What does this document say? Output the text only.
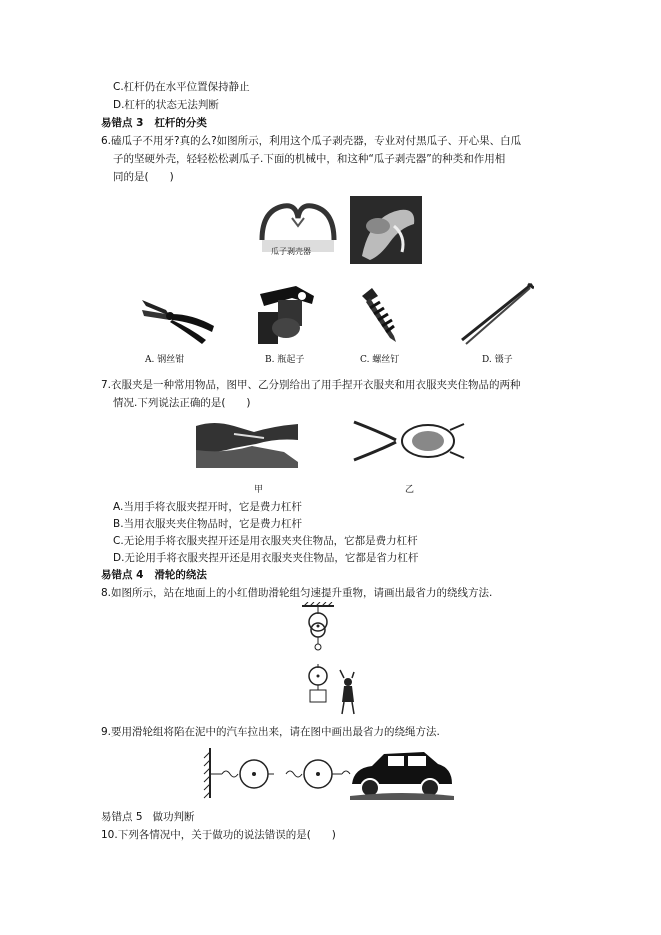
C.杠杆仍在水平位置保持静止
D.杠杆的状态无法判断
易错点 3 杠杆的分类
6.磕瓜子不用牙?真的么?如图所示，利用这个瓜子剥壳器，专业对付黑瓜子、开心果、白瓜
子的坚硬外壳，轻轻松松剥瓜子.下面的机械中，和这种“瓜子剥壳器”的种类和作用相
同的是(　　)
瓜子剥壳器
A. 钢丝钳	B. 瓶起子	C. 螺丝钉	D. 镊子
7.衣服夹是一种常用物品，图甲、乙分别给出了用手捏开衣服夹和用衣服夹夹住物品的两种
情况.下列说法正确的是(　　)
甲	乙
A.当用手将衣服夹捏开时，它是费力杠杆
B.当用衣服夹夹住物品时，它是费力杠杆
C.无论用手将衣服夹捏开还是用衣服夹夹住物品，它都是费力杠杆
D.无论用手将衣服夹捏开还是用衣服夹夹住物品，它都是省力杠杆
易错点 4 滑轮的绕法
8.如图所示，站在地面上的小红借助滑轮组匀速提升重物，请画出最省力的绕线方法.
9.要用滑轮组将陷在泥中的汽车拉出来，请在图中画出最省力的绕绳方法.
易错点 5 做功判断
10.下列各情况中，关于做功的说法错误的是(　　)
